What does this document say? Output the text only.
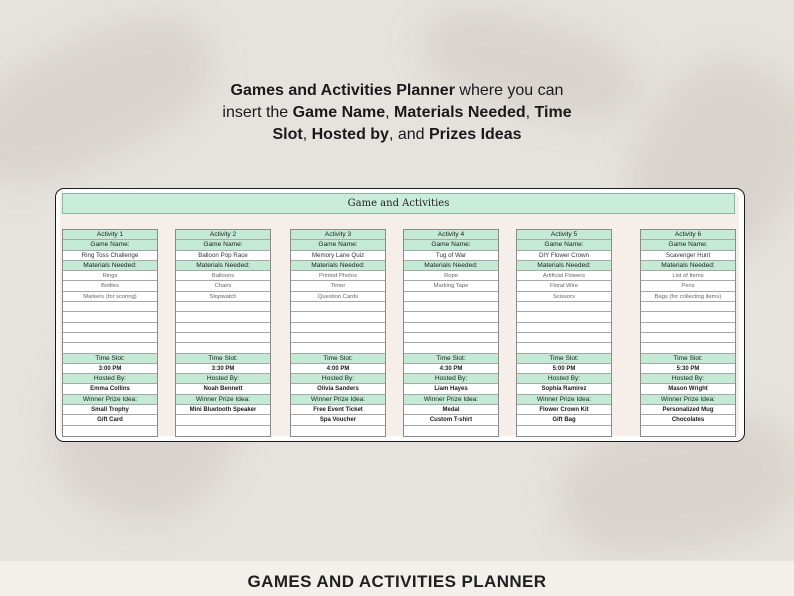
Games and Activities Planner where you can
insert the Game Name, Materials Needed, Time
Slot, Hosted by, and Prizes Ideas
Game and Activities
Activity 1
Game Name:
Ring Toss Challenge
Materials Needed:
Rings
Bottles
Markers (for scoring)
Time Slot:
3:00 PM
Hosted By:
Emma Collins
Winner Prize Idea:
Small Trophy
Gift Card
Activity 2
Game Name:
Balloon Pop Race
Materials Needed:
Balloons
Chairs
Stopwatch
Time Slot:
3:30 PM
Hosted By:
Noah Bennett
Winner Prize Idea:
Mini Bluetooth Speaker
Activity 3
Game Name:
Memory Lane Quiz
Materials Needed:
Printed Photos
Timer
Question Cards
Time Slot:
4:00 PM
Hosted By:
Olivia Sanders
Winner Prize Idea:
Free Event Ticket
Spa Voucher
Activity 4
Game Name:
Tug of War
Materials Needed:
Rope
Marking Tape
Time Slot:
4:30 PM
Hosted By:
Liam Hayes
Winner Prize Idea:
Medal
Custom T-shirt
Activity 5
Game Name:
DIY Flower Crown
Materials Needed:
Artificial Flowers
Floral Wire
Scissors
Time Slot:
5:00 PM
Hosted By:
Sophia Ramirez
Winner Prize Idea:
Flower Crown Kit
Gift Bag
Activity 6
Game Name:
Scavenger Hunt
Materials Needed:
List of Items
Pens
Bags (for collecting items)
Time Slot:
5:30 PM
Hosted By:
Mason Wright
Winner Prize Idea:
Personalized Mug
Chocolates
GAMES AND ACTIVITIES PLANNER
